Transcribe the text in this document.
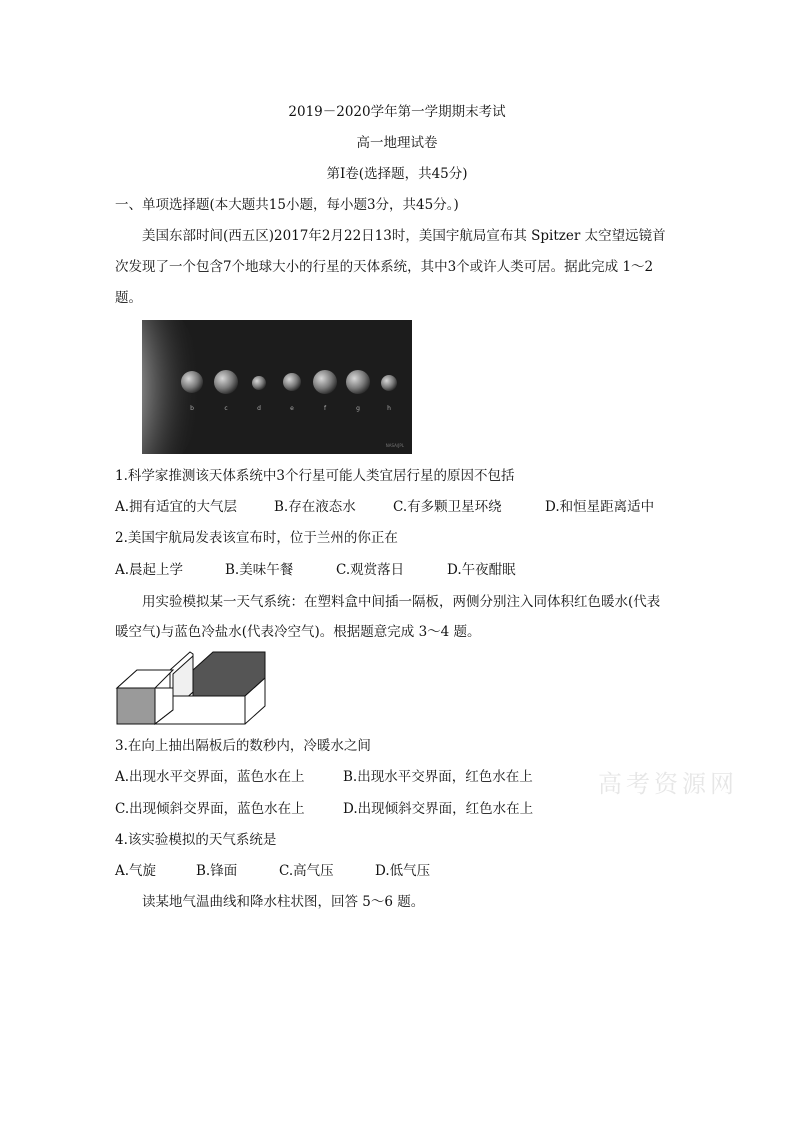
2019－2020学年第一学期期末考试
高一地理试卷
第Ⅰ卷(选择题，共45分)
一、单项选择题(本大题共15小题，每小题3分，共45分。)
美国东部时间(西五区)2017年2月22日13时，美国宇航局宣布其 Spitzer 太空望远镜首
次发现了一个包含7个地球大小的行星的天体系统，其中3个或许人类可居。据此完成 1～2
题。
b	c	d	e	f	g	h
NASA/JPL
1.科学家推测该天体系统中3个行星可能人类宜居行星的原因不包括
A.拥有适宜的大气层	B.存在液态水	C.有多颗卫星环绕	D.和恒星距离适中
2.美国宇航局发表该宣布时，位于兰州的你正在
A.晨起上学	B.美味午餐	C.观赏落日	D.午夜酣眠
用实验模拟某一天气系统：在塑料盒中间插一隔板，两侧分别注入同体积红色暖水(代表
暖空气)与蓝色冷盐水(代表冷空气)。根据题意完成 3～4 题。
3.在向上抽出隔板后的数秒内，冷暖水之间
A.出现水平交界面，蓝色水在上	B.出现水平交界面，红色水在上
C.出现倾斜交界面，蓝色水在上	D.出现倾斜交界面，红色水在上
高考资源网
4.该实验模拟的天气系统是
A.气旋	B.锋面	C.高气压	D.低气压
读某地气温曲线和降水柱状图，回答 5～6 题。
